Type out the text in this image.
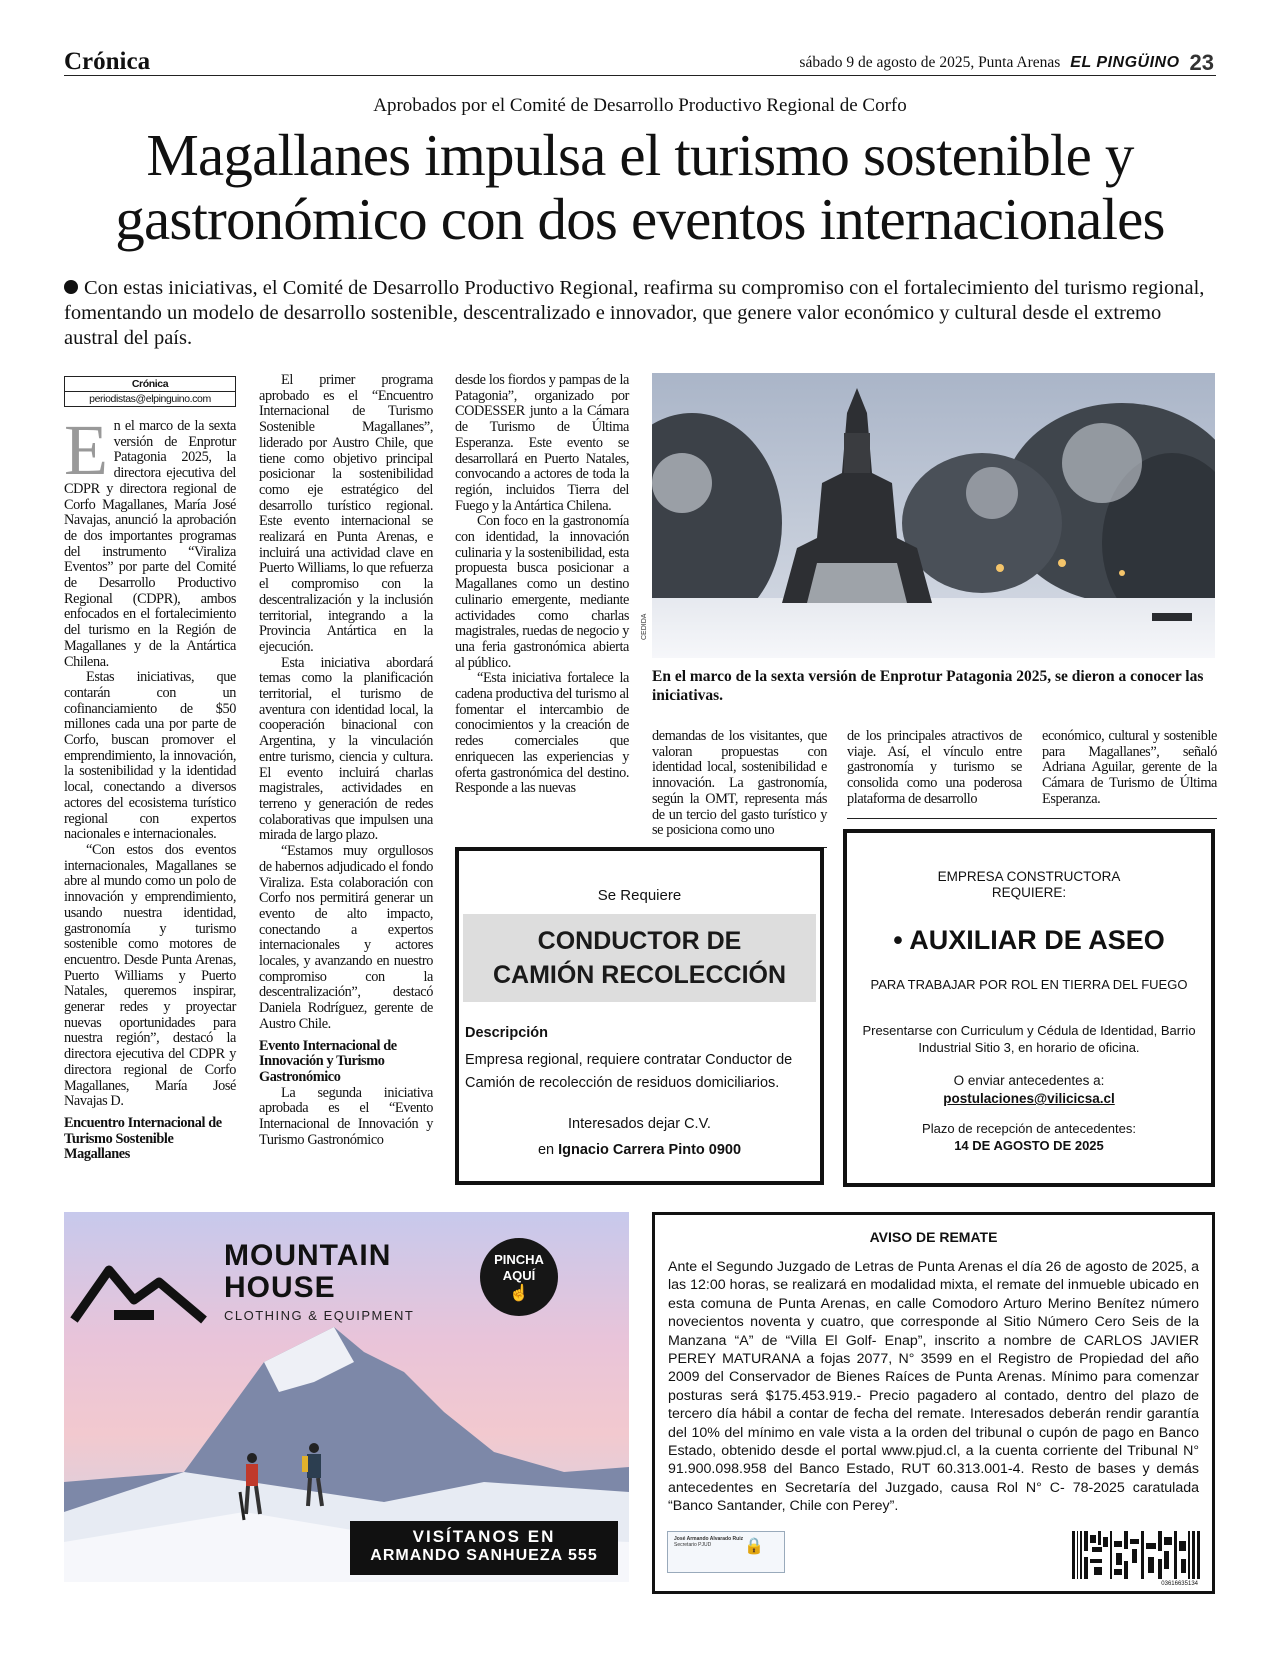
Crónica	sábado 9 de agosto de 2025, Punta Arenas EL PINGÜINO 23
Aprobados por el Comité de Desarrollo Productivo Regional de Corfo
Magallanes impulsa el turismo sostenible y
gastronómico con dos eventos internacionales
Con estas iniciativas, el Comité de Desarrollo Productivo Regional, reafirma su compromiso con el fortalecimiento del turismo regional, fomentando un modelo de desarrollo sostenible, descentralizado e innovador, que genere valor económico y cultural desde el extremo austral del país.
Crónica
periodistas@elpinguino.com

En el marco de la sexta versión de Enprotur Patagonia 2025, la directora ejecutiva del CDPR y directora regional de Corfo Magallanes, María José Navajas, anunció la aprobación de dos importantes programas del instrumento “Viraliza Eventos” por parte del Comité de Desarrollo Productivo Regional (CDPR), ambos enfocados en el fortalecimiento del turismo en la Región de Magallanes y de la Antártica Chilena.

Estas iniciativas, que contarán con un cofinanciamiento de $50 millones cada una por parte de Corfo, buscan promover el emprendimiento, la innovación, la sostenibilidad y la identidad local, conectando a diversos actores del ecosistema turístico regional con expertos nacionales e internacionales.

“Con estos dos eventos internacionales, Magallanes se abre al mundo como un polo de innovación y emprendimiento, usando nuestra identidad, gastronomía y turismo sostenible como motores de encuentro. Desde Punta Arenas, Puerto Williams y Puerto Natales, queremos inspirar, generar redes y proyectar nuevas oportunidades para nuestra región”, destacó la directora ejecutiva del CDPR y directora regional de Corfo Magallanes, María José Navajas D.

Encuentro Internacional de Turismo Sostenible Magallanes

El primer programa aprobado es el “Encuentro Internacional de Turismo Sostenible Magallanes”, liderado por Austro Chile, que tiene como objetivo principal posicionar la sostenibilidad como eje estratégico del desarrollo turístico regional. Este evento internacional se realizará en Punta Arenas, e incluirá una actividad clave en Puerto Williams, lo que refuerza el compromiso con la descentralización y la inclusión territorial, integrando a la Provincia Antártica en la ejecución.

Esta iniciativa abordará temas como la planificación territorial, el turismo de aventura con identidad local, la cooperación binacional con Argentina, y la vinculación entre turismo, ciencia y cultura. El evento incluirá charlas magistrales, actividades en terreno y generación de redes colaborativas que impulsen una mirada de largo plazo.

“Estamos muy orgullosos de habernos adjudicado el fondo Viraliza. Esta colaboración con Corfo nos permitirá generar un evento de alto impacto, conectando a expertos internacionales y actores locales, y avanzando en nuestro compromiso con la descentralización”, destacó Daniela Rodríguez, gerente de Austro Chile.

Evento Internacional de Innovación y Turismo Gastronómico

La segunda iniciativa aprobada es el “Evento Internacional de Innovación y Turismo Gastronómico

desde los fiordos y pampas de la Patagonia”, organizado por CODESSER junto a la Cámara de Turismo de Última Esperanza. Este evento se desarrollará en Puerto Natales, convocando a actores de toda la región, incluidos Tierra del Fuego y la Antártica Chilena.

Con foco en la gastronomía con identidad, la innovación culinaria y la sostenibilidad, esta propuesta busca posicionar a Magallanes como un destino culinario emergente, mediante actividades como charlas magistrales, ruedas de negocio y una feria gastronómica abierta al público.

“Esta iniciativa fortalece la cadena productiva del turismo al fomentar el intercambio de conocimientos y la creación de redes comerciales que enriquecen las experiencias y oferta gastronómica del destino. Responde a las nuevas

CEDIDA
En el marco de la sexta versión de Enprotur Patagonia 2025, se dieron a conocer las iniciativas.

demandas de los visitantes, que valoran propuestas con identidad local, sostenibilidad e innovación. La gastronomía, según la OMT, representa más de un tercio del gasto turístico y se posiciona como uno

de los principales atractivos de viaje. Así, el vínculo entre gastronomía y turismo se consolida como una poderosa plataforma de desarrollo

económico, cultural y sostenible para Magallanes”, señaló Adriana Aguilar, gerente de la Cámara de Turismo de Última Esperanza.

Se Requiere
CONDUCTOR DE
CAMIÓN RECOLECCIÓN
Descripción
Empresa regional, requiere contratar Conductor de Camión de recolección de residuos domiciliarios.
Interesados dejar C.V.
en Ignacio Carrera Pinto 0900
EMPRESA CONSTRUCTORA
REQUIERE:
• AUXILIAR DE ASEO
PARA TRABAJAR POR ROL EN TIERRA DEL FUEGO
Presentarse con Curriculum y Cédula de Identidad, Barrio Industrial Sitio 3, en horario de oficina.
O enviar antecedentes a:
postulaciones@vilicicsa.cl
Plazo de recepción de antecedentes:
14 DE AGOSTO DE 2025
MOUNTAIN
HOUSE
CLOTHING & EQUIPMENT
PINCHA
AQUÍ
☝
VISÍTANOS EN
ARMANDO SANHUEZA 555
AVISO DE REMATE
Ante el Segundo Juzgado de Letras de Punta Arenas el día 26 de agosto de 2025, a las 12:00 horas, se realizará en modalidad mixta, el remate del inmueble ubicado en esta comuna de Punta Arenas, en calle Comodoro Arturo Merino Benítez número novecientos noventa y cuatro, que corresponde al Sitio Número Cero Seis de la Manzana “A” de “Villa El Golf- Enap”, inscrito a nombre de CARLOS JAVIER PEREY MATURANA a fojas 2077, N° 3599 en el Registro de Propiedad del año 2009 del Conservador de Bienes Raíces de Punta Arenas. Mínimo para comenzar posturas será $175.453.919.- Precio pagadero al contado, dentro del plazo de tercero día hábil a contar de fecha del remate. Interesados deberán rendir garantía del 10% del mínimo en vale vista a la orden del tribunal o cupón de pago en Banco Estado, obtenido desde el portal www.pjud.cl, a la cuenta corriente del Tribunal N° 91.900.098.958 del Banco Estado, RUT 60.313.001-4. Resto de bases y demás antecedentes en Secretaría del Juzgado, causa Rol N° C- 78-2025 caratulada “Banco Santander, Chile con Perey”.
José Armando Alvarado Ruiz
Secretario PJUD	🔒
03616635134
